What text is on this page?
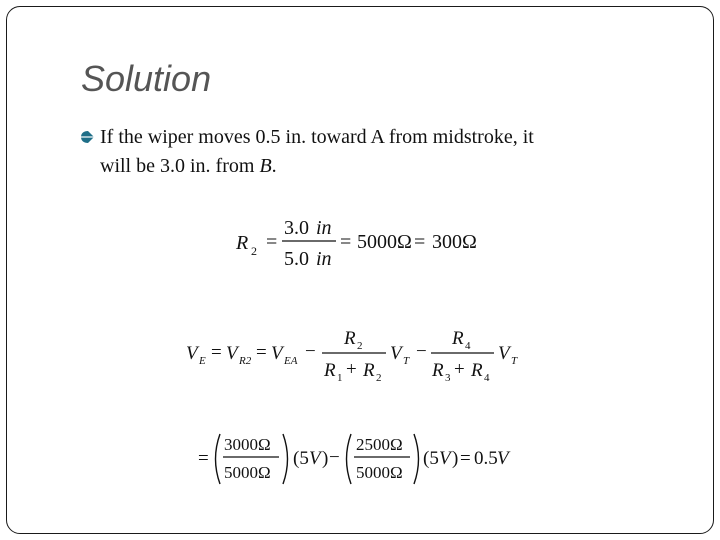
Solution
If the wiper moves 0.5 in. toward A from midstroke, it
will be 3.0 in. from B.
R 2 =
3.0 in
5.0 in
= 5000Ω = 300Ω
V E = V R2 = V EA −
R 2
R 1 + R 2
V T −
R 4
R 3 + R 4
V T
=
3000Ω
5000Ω
(5 V ) −
2500Ω
5000Ω
(5 V ) = 0.5 V
